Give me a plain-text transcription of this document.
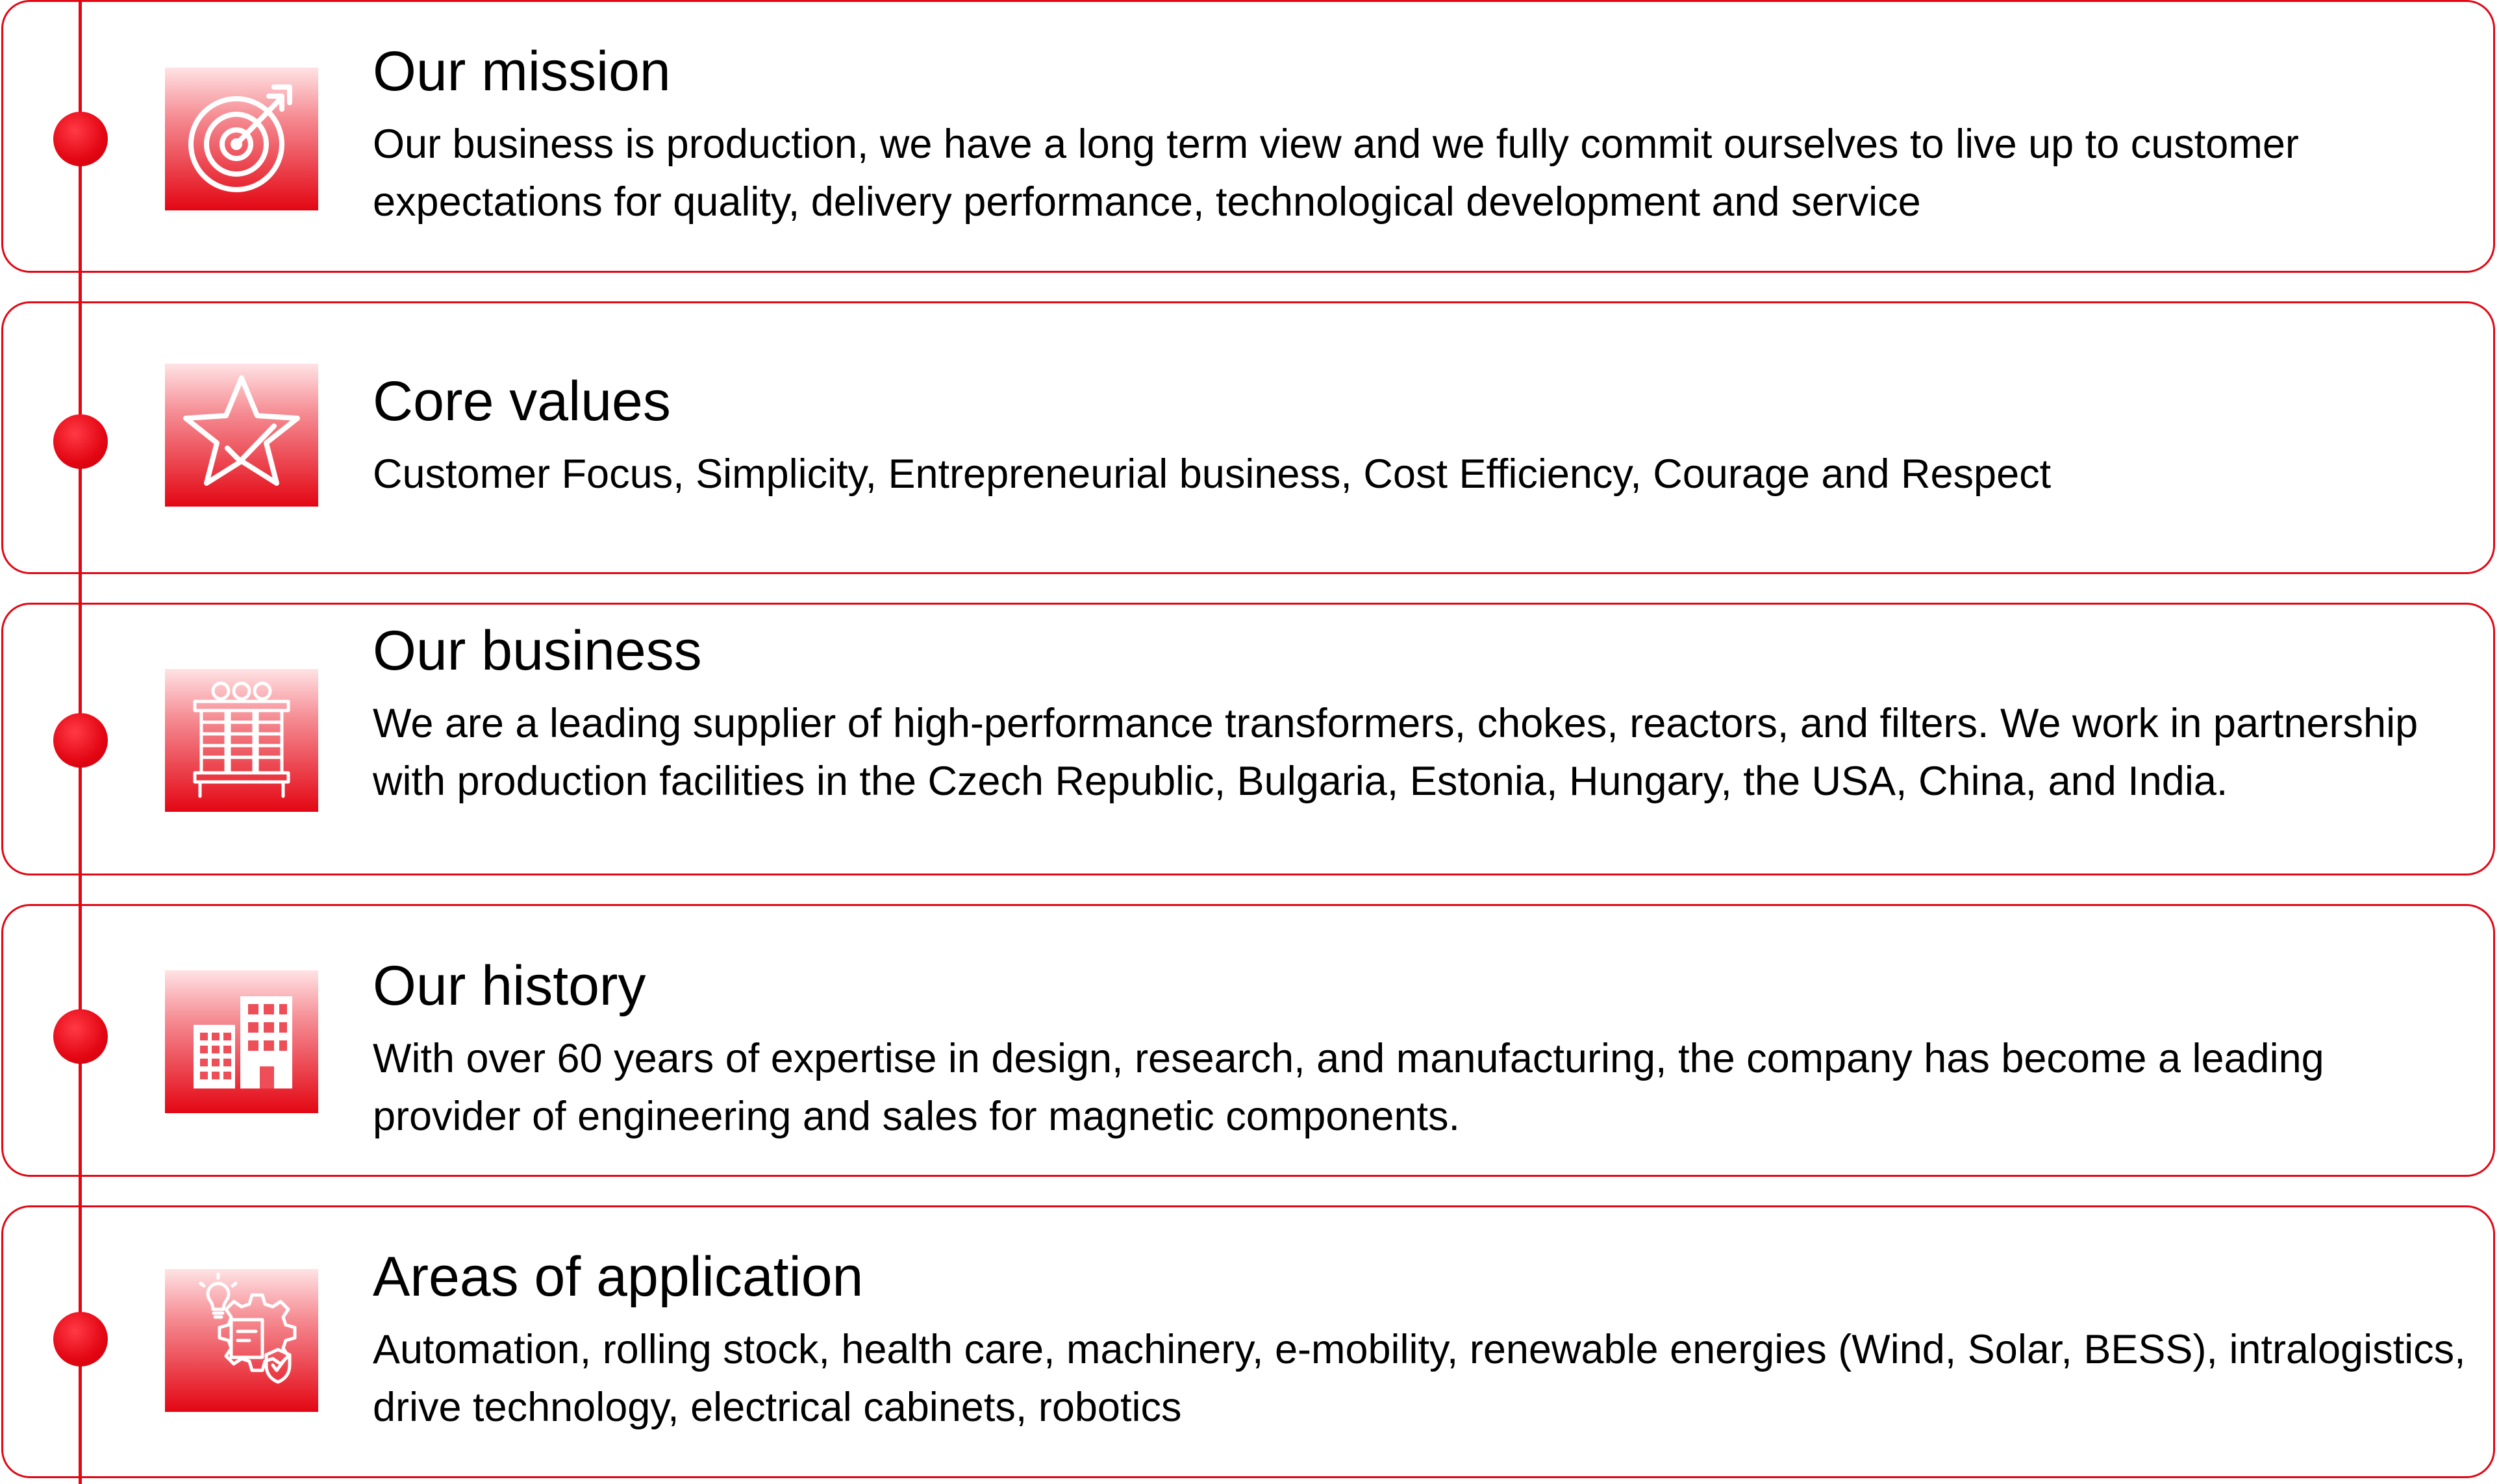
Our mission
Our business is production, we have a long term view and we fully commit ourselves to live up to customer expectations for quality, delivery performance, technological development and service
Core values
Customer Focus, Simplicity, Entrepreneurial business, Cost Efficiency, Courage and Respect
Our business
We are a leading supplier of high-performance transformers, chokes, reactors, and filters. We work in partnership with production facilities in the Czech Republic, Bulgaria, Estonia, Hungary, the USA, China, and India.
Our history
With over 60 years of expertise in design, research, and manufacturing, the company has become a leading provider of engineering and sales for magnetic components.
Areas of application
Automation, rolling stock, health care, machinery, e-mobility, renewable energies (Wind, Solar, BESS), intralogistics, drive technology, electrical cabinets, robotics
